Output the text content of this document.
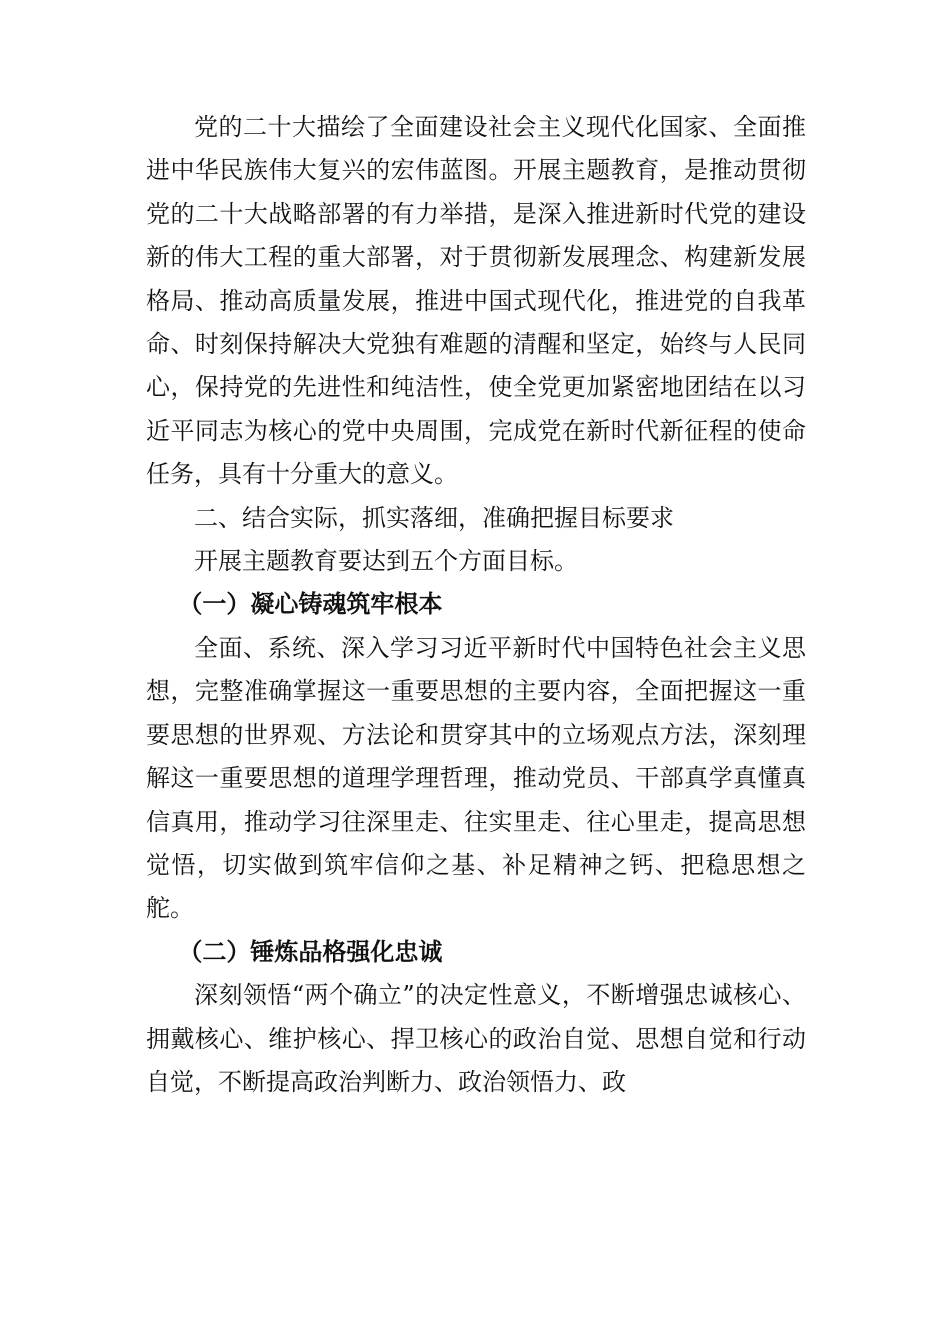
党的二十大描绘了全面建设社会主义现代化国家、全面推进中华民族伟大复兴的宏伟蓝图。开展主题教育，是推动贯彻党的二十大战略部署的有力举措，是深入推进新时代党的建设新的伟大工程的重大部署，对于贯彻新发展理念、构建新发展格局、推动高质量发展，推进中国式现代化，推进党的自我革命、时刻保持解决大党独有难题的清醒和坚定，始终与人民同心，保持党的先进性和纯洁性，使全党更加紧密地团结在以习近平同志为核心的党中央周围，完成党在新时代新征程的使命任务，具有十分重大的意义。

二、结合实际，抓实落细，准确把握目标要求

开展主题教育要达到五个方面目标。

（一）凝心铸魂筑牢根本

全面、系统、深入学习习近平新时代中国特色社会主义思想，完整准确掌握这一重要思想的主要内容，全面把握这一重要思想的世界观、方法论和贯穿其中的立场观点方法，深刻理解这一重要思想的道理学理哲理，推动党员、干部真学真懂真信真用，推动学习往深里走、往实里走、往心里走，提高思想觉悟，切实做到筑牢信仰之基、补足精神之钙、把稳思想之舵。

（二）锤炼品格强化忠诚

深刻领悟“两个确立”的决定性意义，不断增强忠诚核心、拥戴核心、维护核心、捍卫核心的政治自觉、思想自觉和行动自觉，不断提高政治判断力、政治领悟力、政
